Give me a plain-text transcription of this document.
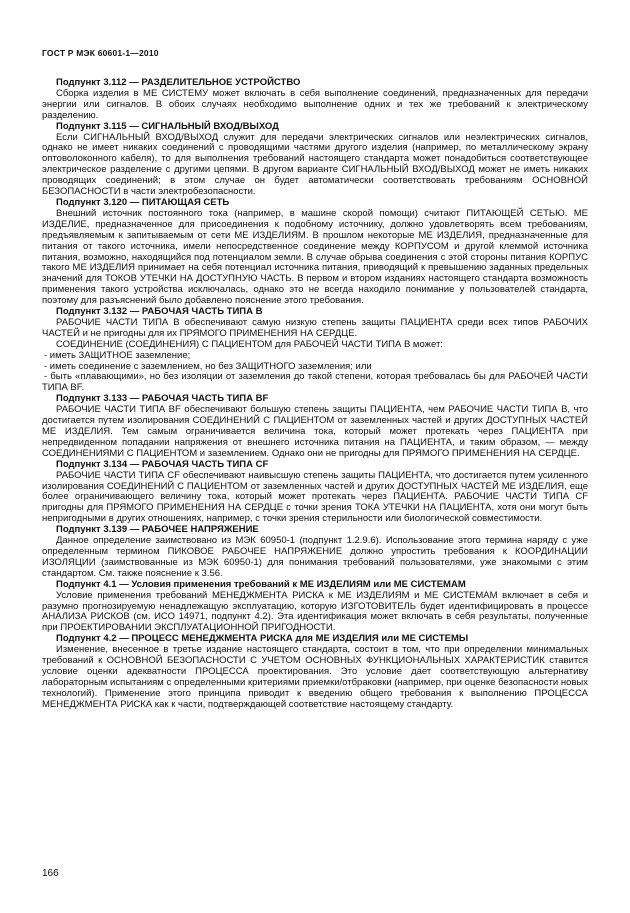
ГОСТ Р МЭК 60601-1—2010

Подпункт 3.112 — РАЗДЕЛИТЕЛЬНОЕ УСТРОЙСТВО

Сборка изделия в МЕ СИСТЕМУ может включать в себя выполнение соединений, предназначенных для передачи энергии или сигналов. В обоих случаях необходимо выполнение одних и тех же требований к электрическому разделению.

Подпункт 3.115 — СИГНАЛЬНЫЙ ВХОД/ВЫХОД

Если СИГНАЛЬНЫЙ ВХОД/ВЫХОД служит для передачи электрических сигналов или неэлектрических сигналов, однако не имеет никаких соединений с проводящими частями другого изделия (например, по металлическому экрану оптоволоконного кабеля), то для выполнения требований настоящего стандарта может понадобиться соответствующее электрическое разделение с другими цепями. В другом варианте СИГНАЛЬНЫЙ ВХОД/ВЫХОД может не иметь никаких проводящих соединений; в этом случае он будет автоматически соответствовать требованиям ОСНОВНОЙ БЕЗОПАСНОСТИ в части электробезопасности.

Подпункт 3.120 — ПИТАЮЩАЯ СЕТЬ

Внешний источник постоянного тока (например, в машине скорой помощи) считают ПИТАЮЩЕЙ СЕТЬЮ. МЕ ИЗДЕЛИЕ, предназначенное для присоединения к подобному источнику, должно удовлетворять всем требованиям, предъявляемым к запитываемым от сети МЕ ИЗДЕЛИЯМ. В прошлом некоторые МЕ ИЗДЕЛИЯ, предназначенные для питания от такого источника, имели непосредственное соединение между КОРПУСОМ и другой клеммой источника питания, возможно, находящийся под потенциалом земли. В случае обрыва соединения с этой стороны питания КОРПУС такого МЕ ИЗДЕЛИЯ принимает на себя потенциал источника питания, приводящий к превышению заданных предельных значений для ТОКОВ УТЕЧКИ НА ДОСТУПНУЮ ЧАСТЬ. В первом и втором изданиях настоящего стандарта возможность применения такого устройства исключалась, однако это не всегда находило понимание у пользователей стандарта, поэтому для разъяснений было добавлено пояснение этого требования.

Подпункт 3.132 — РАБОЧАЯ ЧАСТЬ ТИПА B

РАБОЧИЕ ЧАСТИ ТИПА B обеспечивают самую низкую степень защиты ПАЦИЕНТА среди всех типов РАБОЧИХ ЧАСТЕЙ и не пригодны для их ПРЯМОГО ПРИМЕНЕНИЯ НА СЕРДЦЕ.

СОЕДИНЕНИЕ (СОЕДИНЕНИЯ) С ПАЦИЕНТОМ для РАБОЧЕЙ ЧАСТИ ТИПА B может:

- иметь ЗАЩИТНОЕ заземление;

- иметь соединение с заземлением, но без ЗАЩИТНОГО заземления; или

- быть «плавающими», но без изоляции от заземления до такой степени, которая требовалась бы для РАБОЧЕЙ ЧАСТИ ТИПА BF.

Подпункт 3.133 — РАБОЧАЯ ЧАСТЬ ТИПА BF

РАБОЧИЕ ЧАСТИ ТИПА BF обеспечивают большую степень защиты ПАЦИЕНТА, чем РАБОЧИЕ ЧАСТИ ТИПА B, что достигается путем изолирования СОЕДИНЕНИЙ С ПАЦИЕНТОМ от заземленных частей и других ДОСТУПНЫХ ЧАСТЕЙ МЕ ИЗДЕЛИЯ. Тем самым ограничивается величина тока, который может протекать через ПАЦИЕНТА при непредвиденном попадании напряжения от внешнего источника питания на ПАЦИЕНТА, и таким образом, — между СОЕДИНЕНИЯМИ С ПАЦИЕНТОМ и заземлением. Однако они не пригодны для ПРЯМОГО ПРИМЕНЕНИЯ НА СЕРДЦЕ.

Подпункт 3.134 — РАБОЧАЯ ЧАСТЬ ТИПА CF

РАБОЧИЕ ЧАСТИ ТИПА CF обеспечивают наивысшую степень защиты ПАЦИЕНТА, что достигается путем усиленного изолирования СОЕДИНЕНИЙ С ПАЦИЕНТОМ от заземленных частей и других ДОСТУПНЫХ ЧАСТЕЙ МЕ ИЗДЕЛИЯ, еще более ограничивающего величину тока, который может протекать через ПАЦИЕНТА. РАБОЧИЕ ЧАСТИ ТИПА CF пригодны для ПРЯМОГО ПРИМЕНЕНИЯ НА СЕРДЦЕ с точки зрения ТОКА УТЕЧКИ НА ПАЦИЕНТА, хотя они могут быть непригодными в других отношениях, например, с точки зрения стерильности или биологической совместимости.

Подпункт 3.139 — РАБОЧЕЕ НАПРЯЖЕНИЕ

Данное определение заимствовано из МЭК 60950-1 (подпункт 1.2.9.6). Использование этого термина наряду с уже определенным термином ПИКОВОЕ РАБОЧЕЕ НАПРЯЖЕНИЕ должно упростить требования к КООРДИНАЦИИ ИЗОЛЯЦИИ (заимствованные из МЭК 60950-1) для понимания требований пользователями, уже знакомыми с этим стандартом. См. также пояснение к 3.56.

Подпункт 4.1 — Условия применения требований к МЕ ИЗДЕЛИЯМ или МЕ СИСТЕМАМ

Условие применения требований МЕНЕДЖМЕНТА РИСКА к МЕ ИЗДЕЛИЯМ и МЕ СИСТЕМАМ включает в себя и разумно прогнозируемую ненадлежащую эксплуатацию, которую ИЗГОТОВИТЕЛЬ будет идентифицировать в процессе АНАЛИЗА РИСКОВ (см. ИСО 14971, подпункт 4.2). Эта идентификация может включать в себя результаты, полученные при ПРОЕКТИРОВАНИИ ЭКСПЛУАТАЦИОННОЙ ПРИГОДНОСТИ.

Подпункт 4.2 — ПРОЦЕСС МЕНЕДЖМЕНТА РИСКА для МЕ ИЗДЕЛИЯ или МЕ СИСТЕМЫ

Изменение, внесенное в третье издание настоящего стандарта, состоит в том, что при определении минимальных требований к ОСНОВНОЙ БЕЗОПАСНОСТИ С УЧЕТОМ ОСНОВНЫХ ФУНКЦИОНАЛЬНЫХ ХАРАКТЕРИСТИК ставится условие оценки адекватности ПРОЦЕССА проектирования. Это условие дает соответствующую альтернативу лабораторным испытаниям с определенными критериями приемки/отбраковки (например, при оценке безопасности новых технологий). Применение этого принципа приводит к введению общего требования к выполнению ПРОЦЕССА МЕНЕДЖМЕНТА РИСКА как к части, подтверждающей соответствие настоящему стандарту.

166
